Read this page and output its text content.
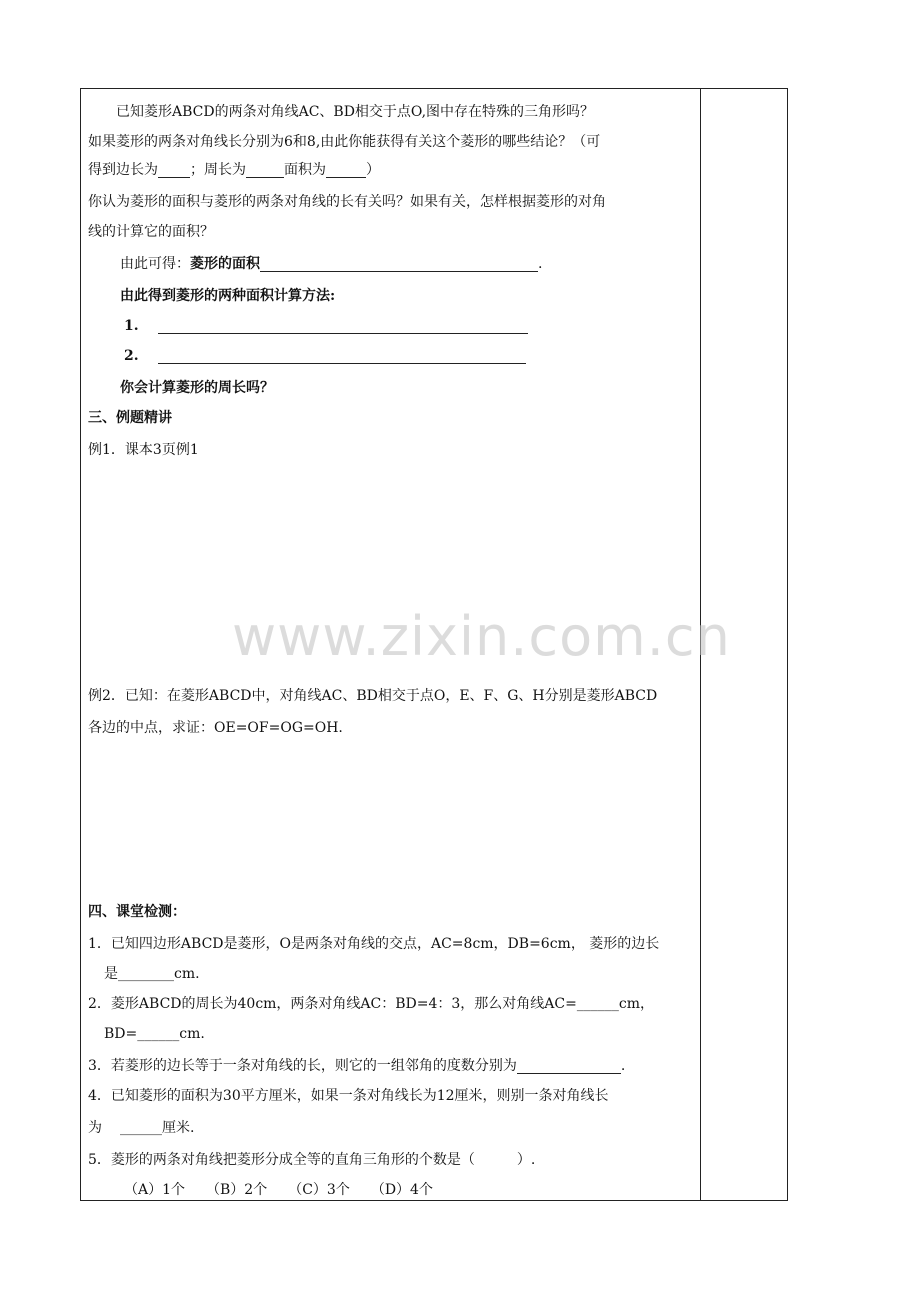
www.zixin.com.cn
已知菱形ABCD的两条对角线AC、BD相交于点O,图中存在特殊的三角形吗？
如果菱形的两条对角线长分别为6和8,由此你能获得有关这个菱形的哪些结论？（可
得到边长为 ；周长为	面积为	）
你认为菱形的面积与菱形的两条对角线的长有关吗？如果有关，怎样根据菱形的对角
线的计算它的面积？
由此可得：菱形的面积	.
由此得到菱形的两种面积计算方法:
1.
2.
你会计算菱形的周长吗？
三、例题精讲
例1．课本3页例1
例2．已知：在菱形ABCD中，对角线AC、BD相交于点O，E、F、G、H分别是菱形ABCD
各边的中点，求证：OE=OF=OG=OH.
四、课堂检测：
1．已知四边形ABCD是菱形，O是两条对角线的交点，AC=8cm，DB=6cm， 菱形的边长
是________cm.
2．菱形ABCD的周长为40cm，两条对角线AC：BD=4：3，那么对角线AC=______cm，
BD=______cm.
3．若菱形的边长等于一条对角线的长，则它的一组邻角的度数分别为	.
4．已知菱形的面积为30平方厘米，如果一条对角线长为12厘米，则别一条对角线长
为 ______厘米.
5．菱形的两条对角线把菱形分成全等的直角三角形的个数是（　　　）.
（A）1个　　（B）2个　　（C）3个　　（D）4个
